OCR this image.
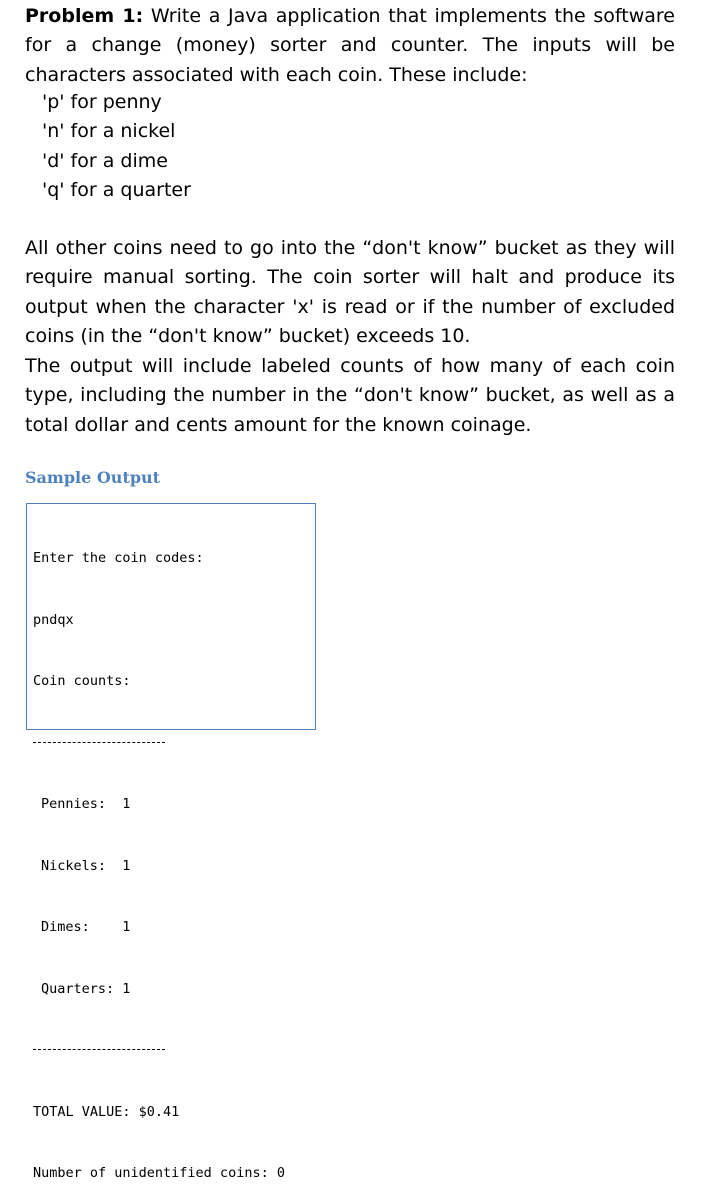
Problem 1: Write a Java application that implements the software for a change (money) sorter and counter. The inputs will be characters associated with each coin. These include:
'p' for penny
'n' for a nickel
'd' for a dime
'q' for a quarter
All other coins need to go into the “don't know” bucket as they will require manual sorting. The coin sorter will halt and produce its output when the character 'x' is read or if the number of excluded coins (in the “don't know” bucket) exceeds 10.
The output will include labeled counts of how many of each coin type, including the number in the “don't know” bucket, as well as a total dollar and cents amount for the known coinage.
Sample Output

Enter the coin codes:

pndqx

Coin counts:

Pennies:  1

Nickels:  1

Dimes:    1

Quarters: 1

TOTAL VALUE: $0.41

Number of unidentified coins: 0
